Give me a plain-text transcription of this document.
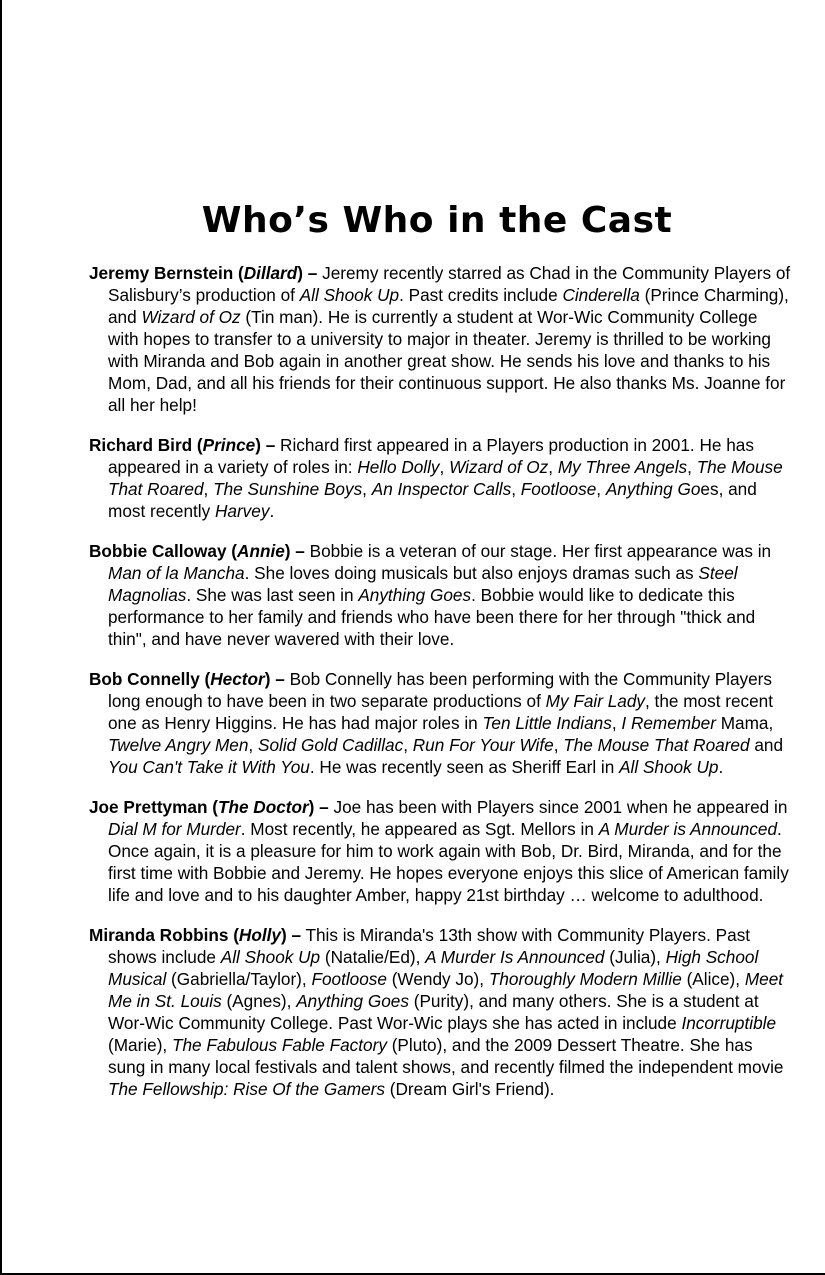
Who’s Who in the Cast

Jeremy Bernstein (Dillard) – Jeremy recently starred as Chad in the Community Players of Salisbury’s production of All Shook Up. Past credits include Cinderella (Prince Charming), and Wizard of Oz (Tin man). He is currently a student at Wor-Wic Community College with hopes to transfer to a university to major in theater. Jeremy is thrilled to be working with Miranda and Bob again in another great show. He sends his love and thanks to his Mom, Dad, and all his friends for their continuous support. He also thanks Ms. Joanne for all her help!

Richard Bird (Prince) – Richard first appeared in a Players production in 2001. He has appeared in a variety of roles in: Hello Dolly, Wizard of Oz, My Three Angels, The Mouse That Roared, The Sunshine Boys, An Inspector Calls, Footloose, Anything Goes, and most recently Harvey.

Bobbie Calloway (Annie) – Bobbie is a veteran of our stage. Her first appearance was in Man of la Mancha. She loves doing musicals but also enjoys dramas such as Steel Magnolias. She was last seen in Anything Goes. Bobbie would like to dedicate this performance to her family and friends who have been there for her through "thick and thin", and have never wavered with their love.

Bob Connelly (Hector) – Bob Connelly has been performing with the Community Players long enough to have been in two separate productions of My Fair Lady, the most recent one as Henry Higgins. He has had major roles in Ten Little Indians, I Remember Mama, Twelve Angry Men, Solid Gold Cadillac, Run For Your Wife, The Mouse That Roared and You Can't Take it With You. He was recently seen as Sheriff Earl in All Shook Up.

Joe Prettyman (The Doctor) – Joe has been with Players since 2001 when he appeared in Dial M for Murder. Most recently, he appeared as Sgt. Mellors in A Murder is Announced. Once again, it is a pleasure for him to work again with Bob, Dr. Bird, Miranda, and for the first time with Bobbie and Jeremy. He hopes everyone enjoys this slice of American family life and love and to his daughter Amber, happy 21st birthday … welcome to adulthood.

Miranda Robbins (Holly) – This is Miranda's 13th show with Community Players. Past shows include All Shook Up (Natalie/Ed), A Murder Is Announced (Julia), High School Musical (Gabriella/Taylor), Footloose (Wendy Jo), Thoroughly Modern Millie (Alice), Meet Me in St. Louis (Agnes), Anything Goes (Purity), and many others. She is a student at Wor-Wic Community College. Past Wor-Wic plays she has acted in include Incorruptible (Marie), The Fabulous Fable Factory (Pluto), and the 2009 Dessert Theatre. She has sung in many local festivals and talent shows, and recently filmed the independent movie The Fellowship: Rise Of the Gamers (Dream Girl's Friend).
